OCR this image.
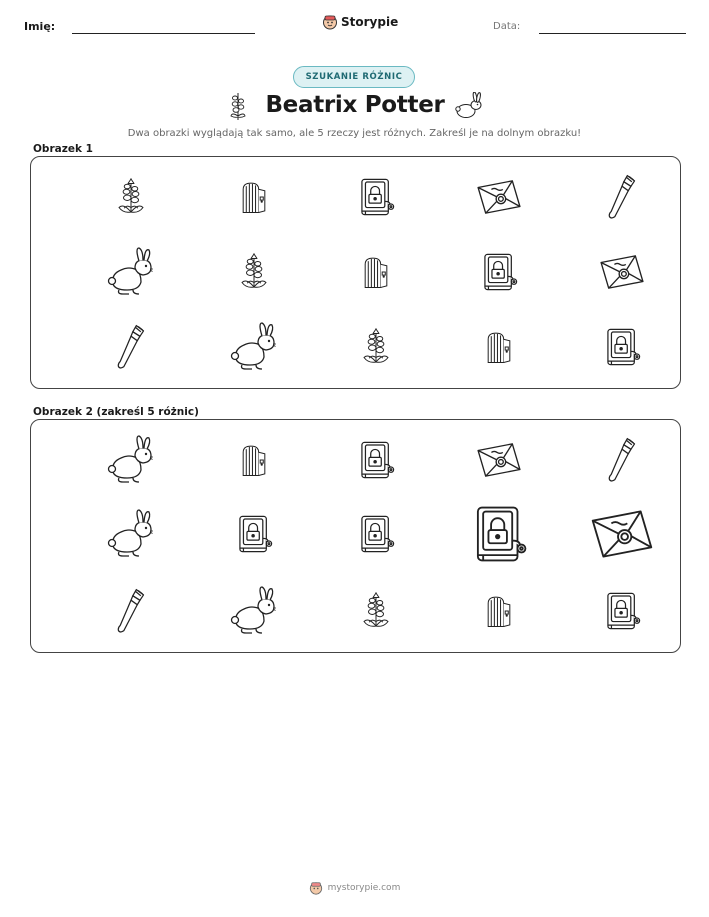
Imię:	Storypie	Data:
SZUKANIE RÓŻNIC
Beatrix Potter
Dwa obrazki wyglądają tak samo, ale 5 rzeczy jest różnych. Zakreśl je na dolnym obrazku!
Obrazek 1
Obrazek 2 (zakreśl 5 różnic)
mystorypie.com
